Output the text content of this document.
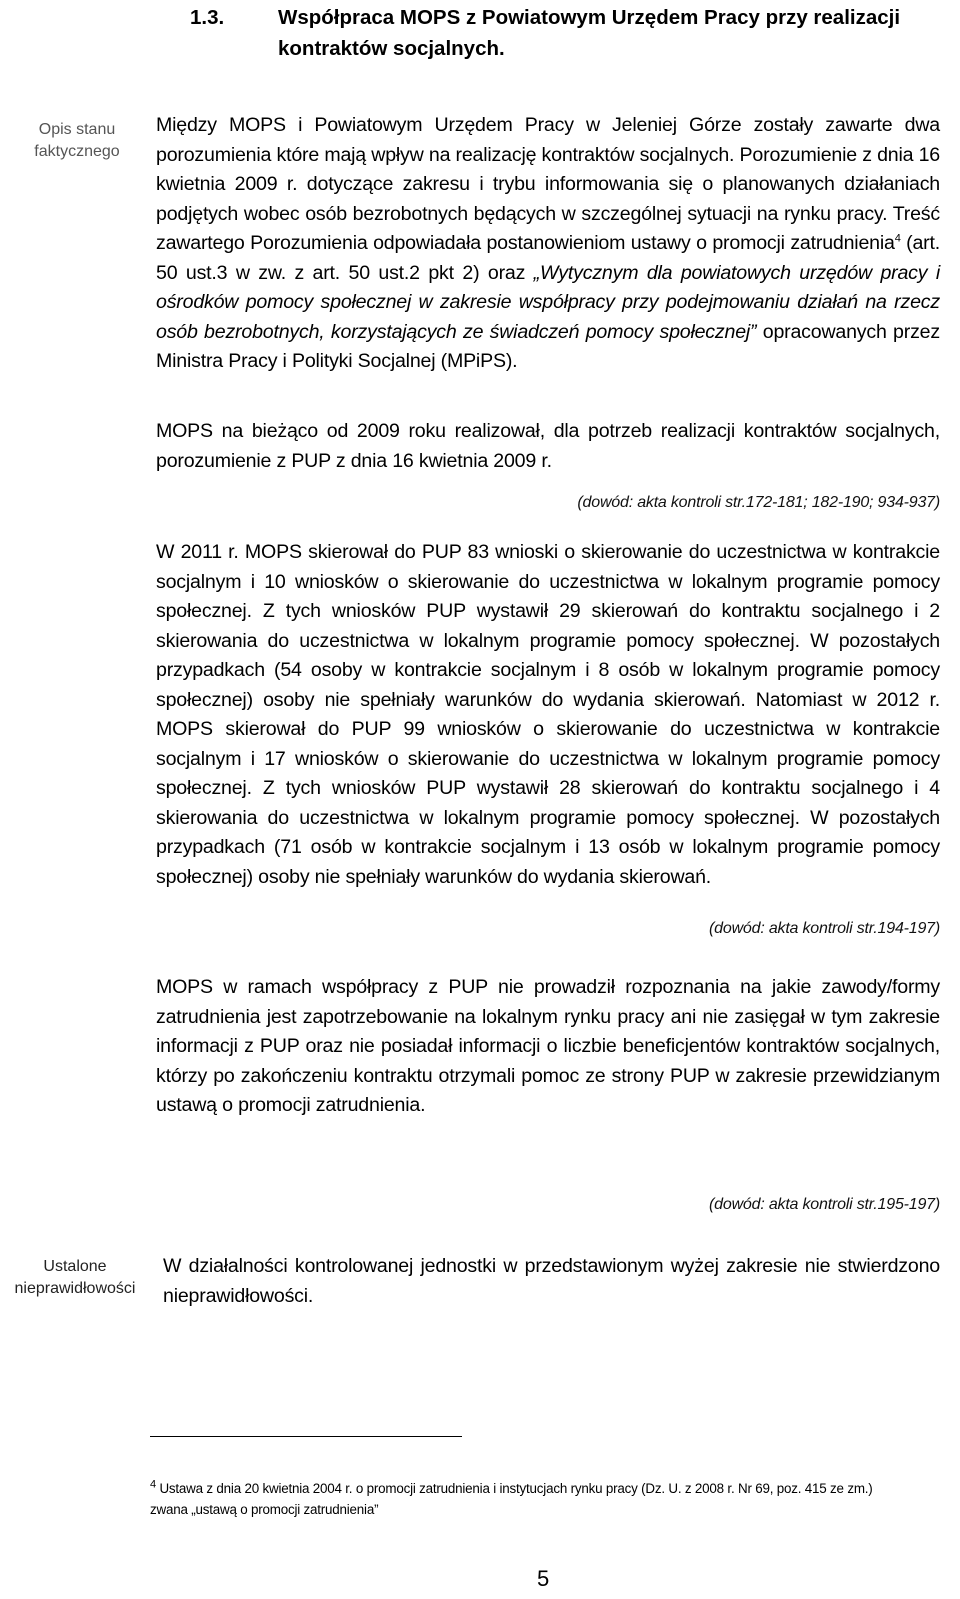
1.3.	Współpraca MOPS z Powiatowym Urzędem Pracy przy realizacji
kontraktów socjalnych.
Opis stanu
faktycznego

Między MOPS i Powiatowym Urzędem Pracy w Jeleniej Górze zostały zawarte dwa porozumienia które mają wpływ na realizację kontraktów socjalnych. Porozumienie z dnia 16 kwietnia 2009 r. dotyczące zakresu i trybu informowania się o planowanych działaniach podjętych wobec osób bezrobotnych będących w szczególnej sytuacji na rynku pracy. Treść zawartego Porozumienia odpowiadała postanowieniom ustawy o promocji zatrudnienia$^4$ (art. 50 ust.3 w zw. z art. 50 ust.2 pkt 2) oraz „Wytycznym dla powiatowych urzędów pracy i ośrodków pomocy społecznej w zakresie współpracy przy podejmowaniu działań na rzecz osób bezrobotnych, korzystających ze świadczeń pomocy społecznej” opracowanych przez Ministra Pracy i Polityki Socjalnej (MPiPS).

MOPS na bieżąco od 2009 roku realizował, dla potrzeb realizacji kontraktów socjalnych, porozumienie z PUP z dnia 16 kwietnia 2009 r.

(dowód: akta kontroli str.172-181; 182-190; 934-937)

W 2011 r. MOPS skierował do PUP 83 wnioski o skierowanie do uczestnictwa w kontrakcie socjalnym i 10 wniosków o skierowanie do uczestnictwa w lokalnym programie pomocy społecznej. Z tych wniosków PUP wystawił 29 skierowań do kontraktu socjalnego i 2 skierowania do uczestnictwa w lokalnym programie pomocy społecznej. W pozostałych przypadkach (54 osoby w kontrakcie socjalnym i 8 osób w lokalnym programie pomocy społecznej) osoby nie spełniały warunków do wydania skierowań. Natomiast w 2012 r. MOPS skierował do PUP 99 wniosków o skierowanie do uczestnictwa w kontrakcie socjalnym i 17 wniosków o skierowanie do uczestnictwa w lokalnym programie pomocy społecznej. Z tych wniosków PUP wystawił 28 skierowań do kontraktu socjalnego i 4 skierowania do uczestnictwa w lokalnym programie pomocy społecznej. W pozostałych przypadkach (71 osób w kontrakcie socjalnym i 13 osób w lokalnym programie pomocy społecznej) osoby nie spełniały warunków do wydania skierowań.

(dowód: akta kontroli str.194-197)

MOPS w ramach współpracy z PUP nie prowadził rozpoznania na jakie zawody/formy zatrudnienia jest zapotrzebowanie na lokalnym rynku pracy ani nie zasięgał w tym zakresie informacji z PUP oraz nie posiadał informacji o liczbie beneficjentów kontraktów socjalnych, którzy po zakończeniu kontraktu otrzymali pomoc ze strony PUP w zakresie przewidzianym ustawą o promocji zatrudnienia.

(dowód: akta kontroli str.195-197)
Ustalone
nieprawidłowości

W działalności kontrolowanej jednostki w przedstawionym wyżej zakresie nie stwierdzono nieprawidłowości.

$^4$ Ustawa z dnia 20 kwietnia 2004 r. o promocji zatrudnienia i instytucjach rynku pracy (Dz. U. z 2008 r. Nr 69, poz. 415 ze zm.)
zwana „ustawą o promocji zatrudnienia”
5
